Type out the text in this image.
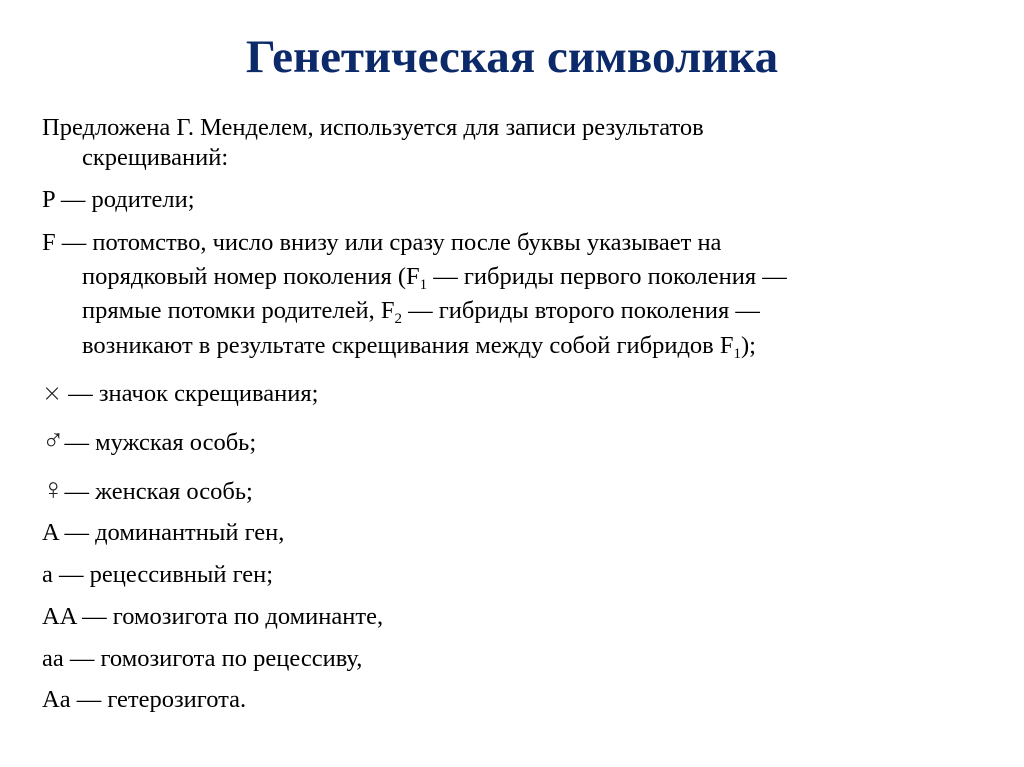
Генетическая символика
Предложена Г. Менделем, используется для записи результатов
скрещиваний:
P — родители;
F — потомство, число внизу или сразу после буквы указывает на
порядковый номер поколения ($F_1$ — гибриды первого поколения —
прямые потомки родителей, $F_2$ — гибриды второго поколения —
возникают в результате скрещивания между собой гибридов $F_1$);
× — значок скрещивания;
♂— мужская особь;
♀— женская особь;
A — доминантный ген,
a — рецессивный ген;
AA — гомозигота по доминанте,
aa — гомозигота по рецессиву,
Aa — гетерозигота.
